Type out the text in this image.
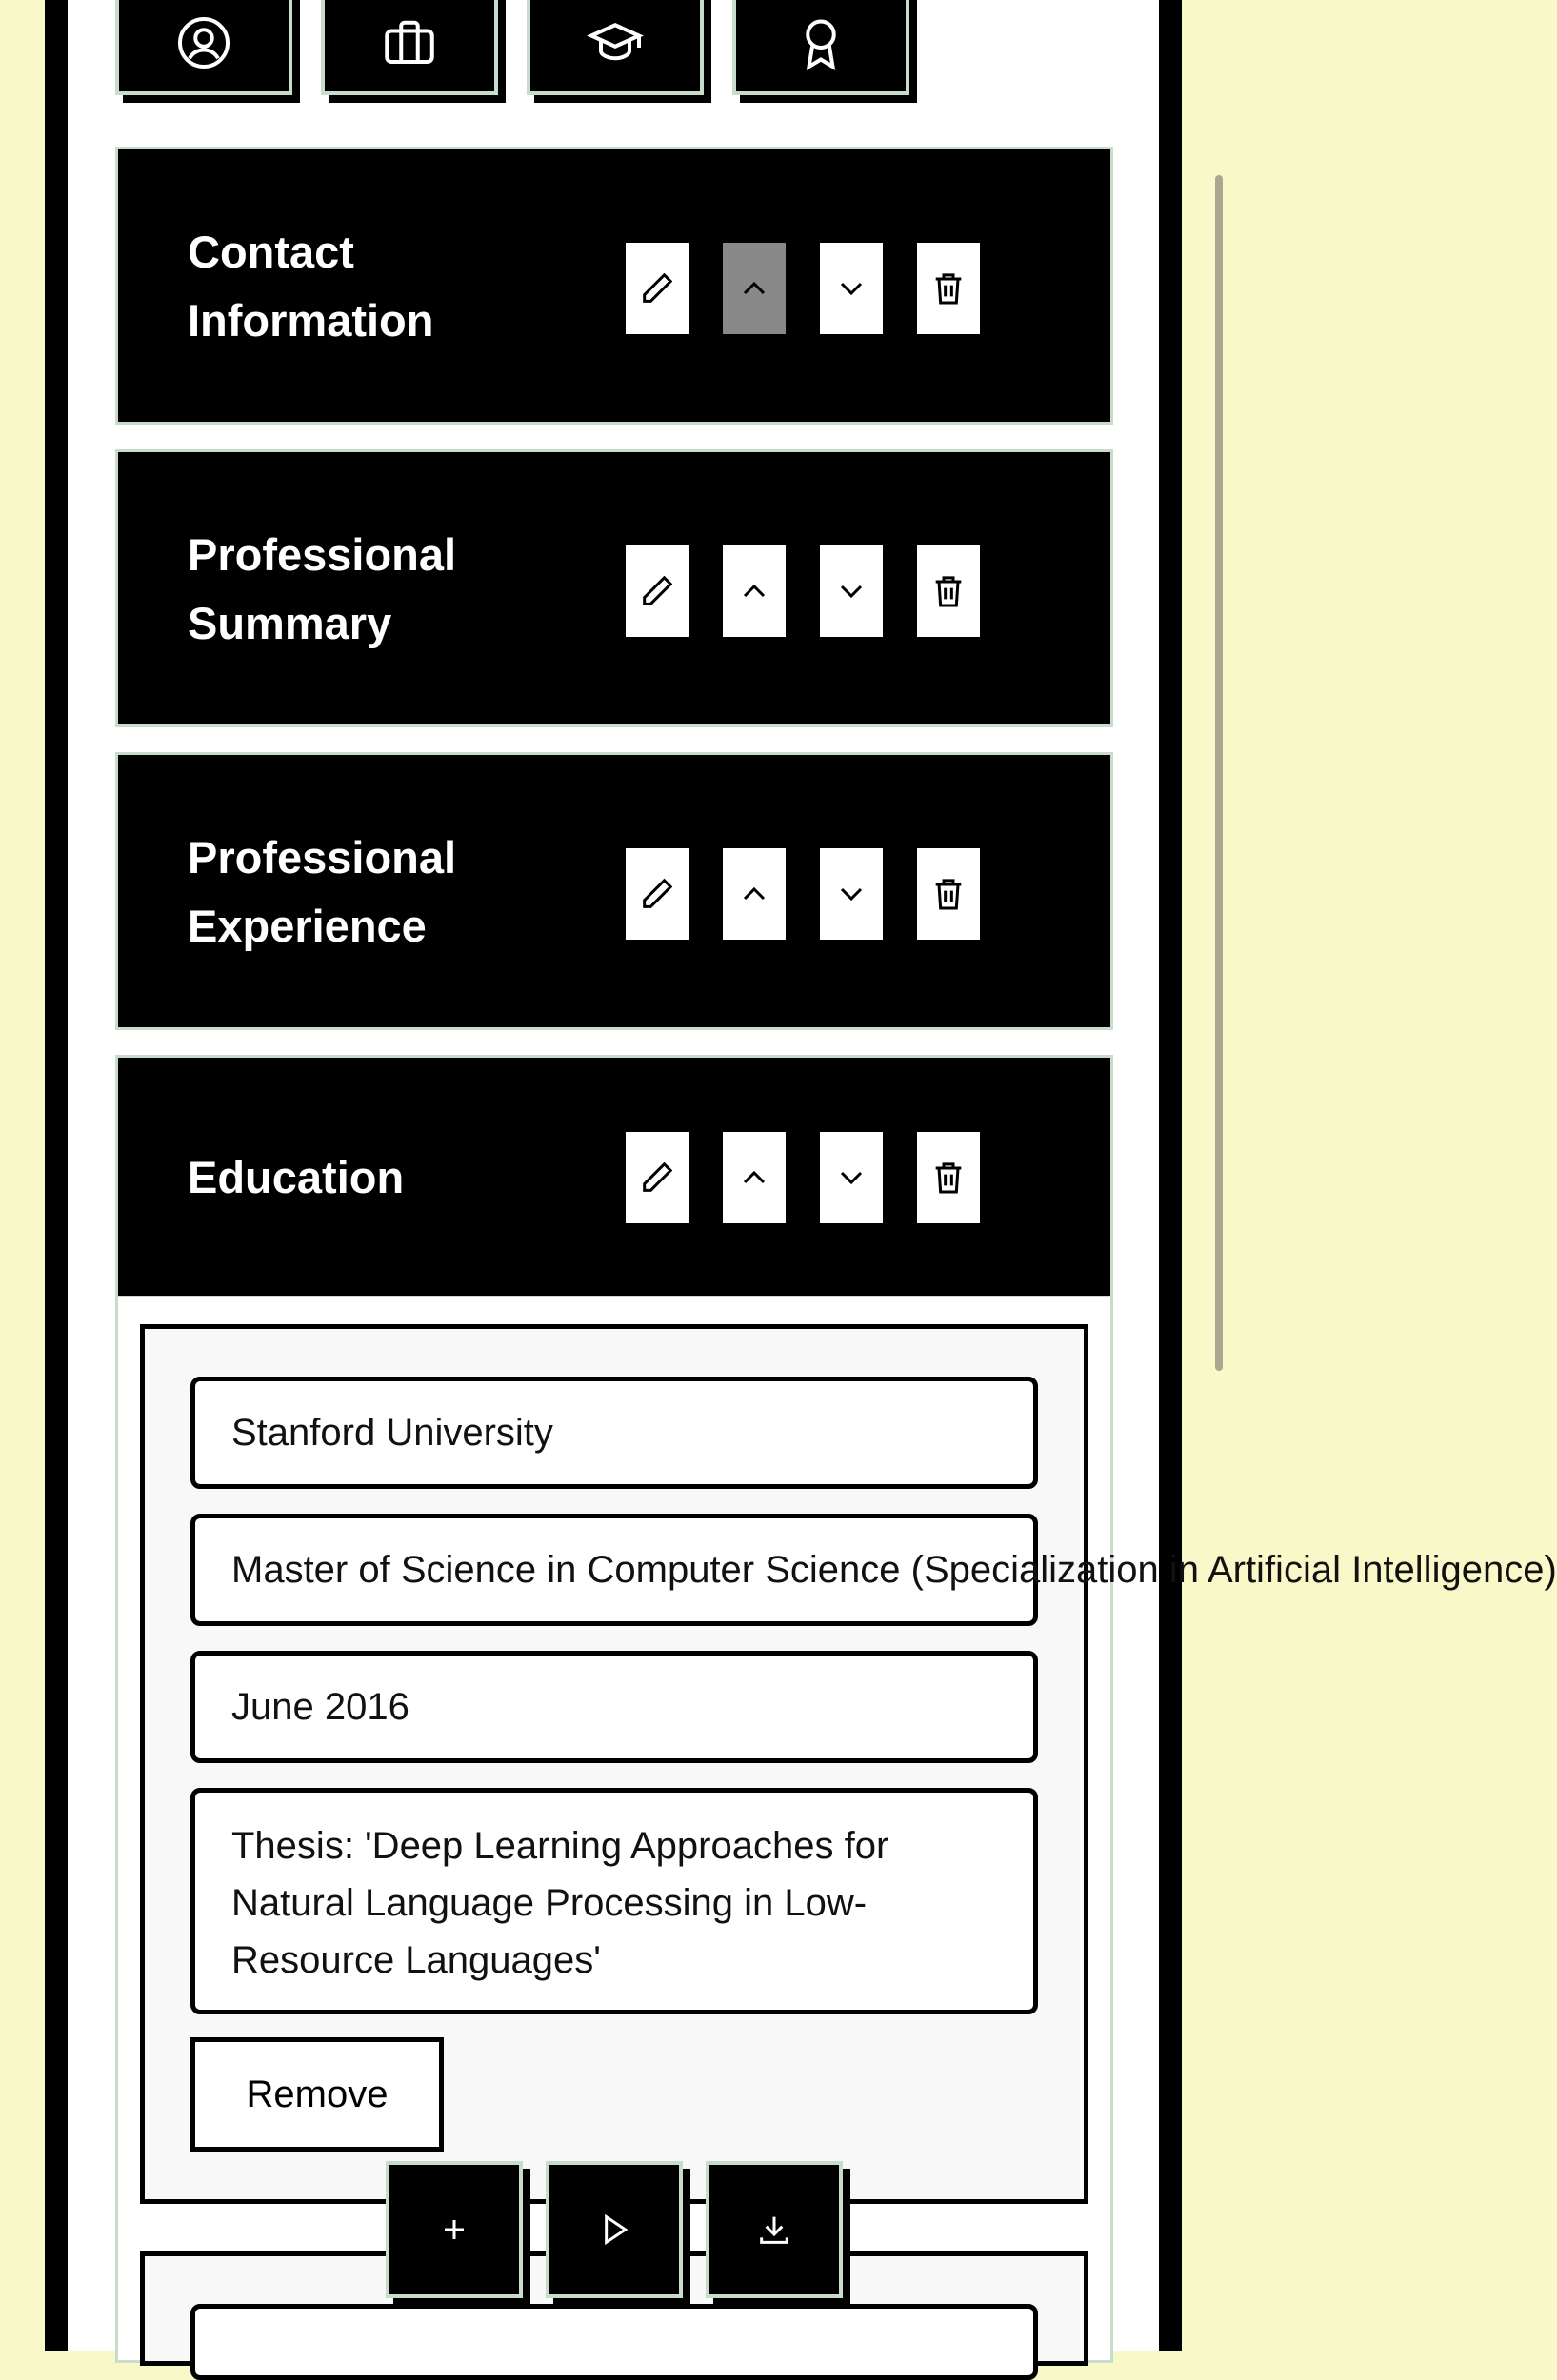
Contact
Information
Professional
Summary
Professional
Experience
Education
Stanford University
Master of Science in Computer Science (Specialization in Artificial Intelligence)
June 2016
Thesis: 'Deep Learning Approaches for Natural Language Processing in Low-Resource Languages'
Remove
